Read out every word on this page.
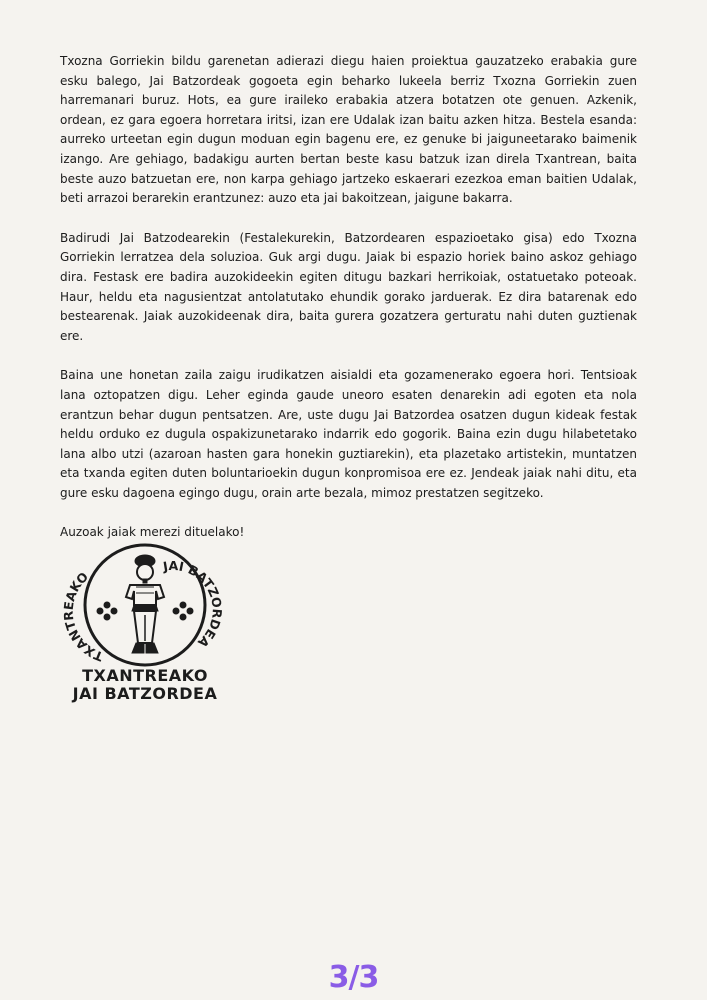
Txozna Gorriekin bildu garenetan adierazi diegu haien proiektua gauzatzeko erabakia gure esku balego, Jai Batzordeak gogoeta egin beharko lukeela berriz Txozna Gorriekin zuen harremanari buruz. Hots, ea gure iraileko erabakia atzera botatzen ote genuen. Azkenik, ordean, ez gara egoera horretara iritsi, izan ere Udalak izan baitu azken hitza. Bestela esanda: aurreko urteetan egin dugun moduan egin bagenu ere, ez genuke bi jaiguneetarako baimenik izango. Are gehiago, badakigu aurten bertan beste kasu batzuk izan direla Txantrean, baita beste auzo batzuetan ere, non karpa gehiago jartzeko eskaerari ezezkoa eman baitien Udalak, beti arrazoi berarekin erantzunez: auzo eta jai bakoitzean, jaigune bakarra.

Badirudi Jai Batzodearekin (Festalekurekin, Batzordearen espazioetako gisa) edo Txozna Gorriekin lerratzea dela soluzioa. Guk argi dugu. Jaiak bi espazio horiek baino askoz gehiago dira. Festask ere badira auzokideekin egiten ditugu bazkari herrikoiak, ostatuetako poteoak. Haur, heldu eta nagusientzat antolatutako ehundik gorako jarduerak. Ez dira batarenak edo bestearenak. Jaiak auzokideenak dira, baita gurera gozatzera gerturatu nahi duten guztienak ere.

Baina une honetan zaila zaigu irudikatzen aisialdi eta gozamenerako egoera hori. Tentsioak lana oztopatzen digu. Leher eginda gaude uneoro esaten denarekin adi egoten eta nola erantzun behar dugun pentsatzen. Are, uste dugu Jai Batzordea osatzen dugun kideak festak heldu orduko ez dugula ospakizunetarako indarrik edo gogorik. Baina ezin dugu hilabetetako lana albo utzi (azaroan hasten gara honekin guztiarekin), eta plazetako artistekin, muntatzen eta txanda egiten duten boluntarioekin dugun konpromisoa ere ez. Jendeak jaiak nahi ditu, eta gure esku dagoena egingo dugu, orain arte bezala, mimoz prestatzen segitzeko.

Auzoak jaiak merezi dituelako!

TXANTREAKO
JAI BATZORDEA
TXANTREAKO
JAI BATZORDEA
3/3
